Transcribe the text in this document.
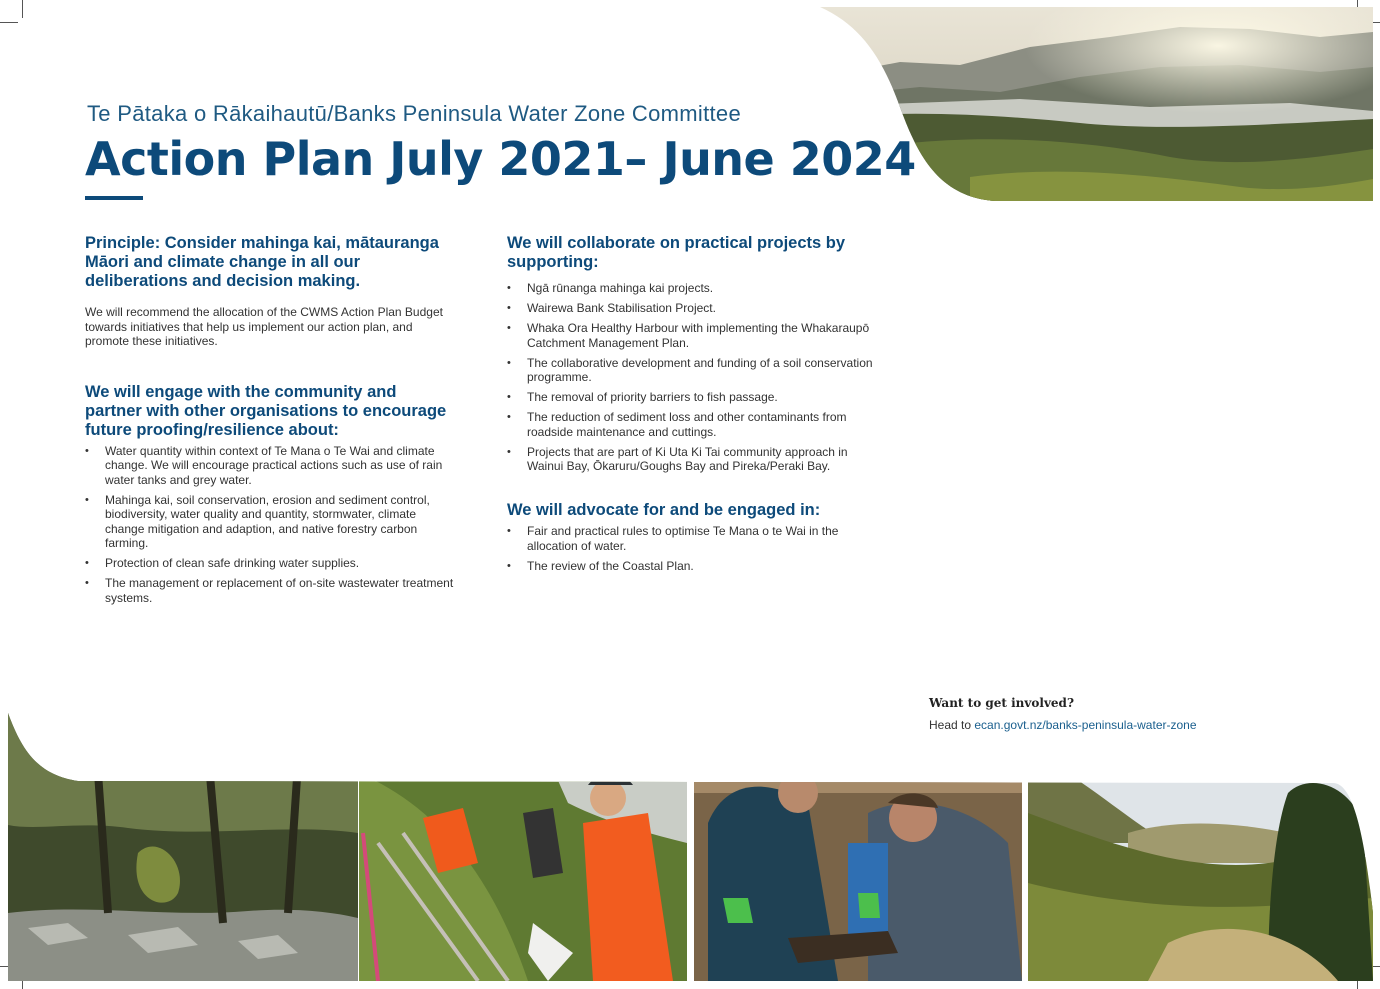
Te Pātaka o Rākaihautū/Banks Peninsula Water Zone Committee
Action Plan July 2021– June 2024
Principle: Consider mahinga kai, mātauranga Māori and climate change in all our deliberations and decision making.

We will recommend the allocation of the CWMS Action Plan Budget towards initiatives that help us implement our action plan, and promote these initiatives.

We will engage with the community and partner with other organisations to encourage future proofing/resilience about:
• Water quantity within context of Te Mana o Te Wai and climate change. We will encourage practical actions such as use of rain water tanks and grey water.
• Mahinga kai, soil conservation, erosion and sediment control, biodiversity, water quality and quantity, stormwater, climate change mitigation and adaption, and native forestry carbon farming.
• Protection of clean safe drinking water supplies.
• The management or replacement of on-site wastewater treatment systems.
We will collaborate on practical projects by supporting:
• Ngā rūnanga mahinga kai projects.
• Wairewa Bank Stabilisation Project.
• Whaka Ora Healthy Harbour with implementing the Whakaraupō Catchment Management Plan.
• The collaborative development and funding of a soil conservation programme.
• The removal of priority barriers to fish passage.
• The reduction of sediment loss and other contaminants from roadside maintenance and cuttings.
• Projects that are part of Ki Uta Ki Tai community approach in Wainui Bay, Ōkaruru/Goughs Bay and Pireka/Peraki Bay.
We will advocate for and be engaged in:
• Fair and practical rules to optimise Te Mana o te Wai in the allocation of water.
• The review of the Coastal Plan.
Want to get involved?
Head to ecan.govt.nz/banks-peninsula-water-zone
